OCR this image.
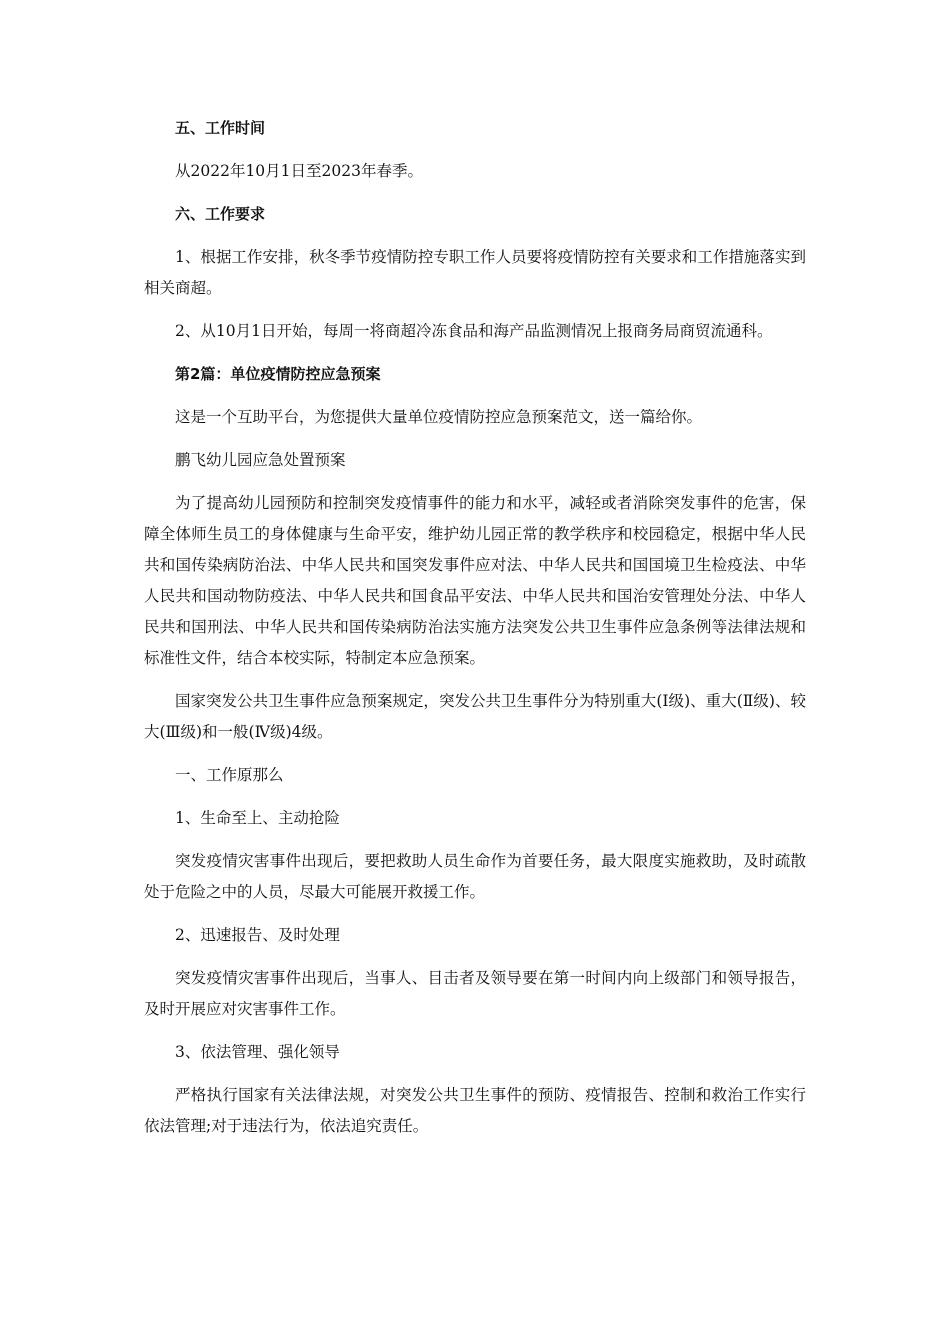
五、工作时间

从2022年10月1日至2023年春季。

六、工作要求

1、根据工作安排，秋冬季节疫情防控专职工作人员要将疫情防控有关要求和工作措施落实到相关商超。

2、从10月1日开始，每周一将商超冷冻食品和海产品监测情况上报商务局商贸流通科。

第2篇：单位疫情防控应急预案

这是一个互助平台，为您提供大量单位疫情防控应急预案范文，送一篇给你。

鹏飞幼儿园应急处置预案

为了提高幼儿园预防和控制突发疫情事件的能力和水平，减轻或者消除突发事件的危害，保障全体师生员工的身体健康与生命平安，维护幼儿园正常的教学秩序和校园稳定，根据中华人民共和国传染病防治法、中华人民共和国突发事件应对法、中华人民共和国国境卫生检疫法、中华人民共和国动物防疫法、中华人民共和国食品平安法、中华人民共和国治安管理处分法、中华人民共和国刑法、中华人民共和国传染病防治法实施方法突发公共卫生事件应急条例等法律法规和标准性文件，结合本校实际，特制定本应急预案。

国家突发公共卫生事件应急预案规定，突发公共卫生事件分为特别重大(Ⅰ级)、重大(Ⅱ级)、较大(Ⅲ级)和一般(Ⅳ级)4级。

一、工作原那么

1、生命至上、主动抢险

突发疫情灾害事件出现后，要把救助人员生命作为首要任务，最大限度实施救助，及时疏散处于危险之中的人员，尽最大可能展开救援工作。

2、迅速报告、及时处理

突发疫情灾害事件出现后，当事人、目击者及领导要在第一时间内向上级部门和领导报告，及时开展应对灾害事件工作。

3、依法管理、强化领导

严格执行国家有关法律法规，对突发公共卫生事件的预防、疫情报告、控制和救治工作实行依法管理;对于违法行为，依法追究责任。
